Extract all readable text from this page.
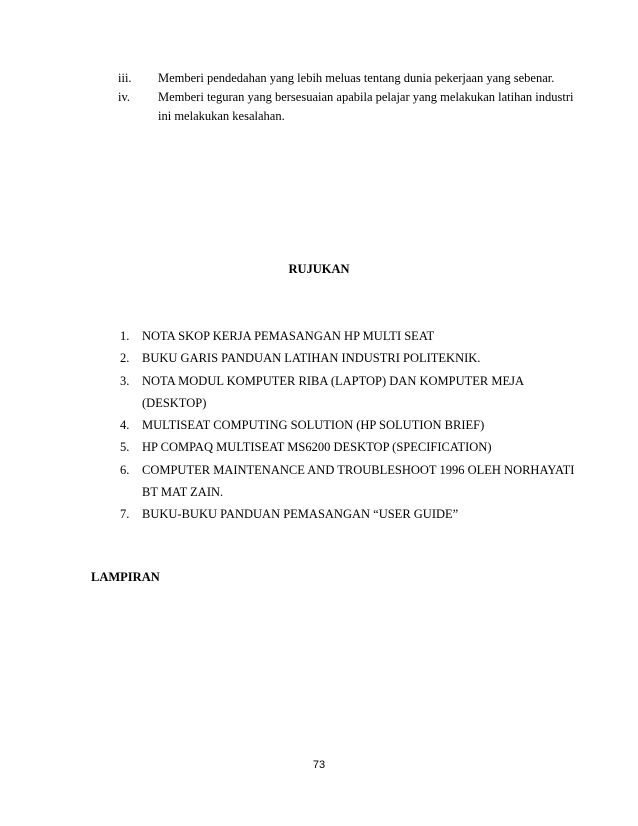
iii.	Memberi pendedahan yang lebih meluas tentang dunia pekerjaan yang sebenar.
iv.	Memberi teguran yang bersesuaian apabila pelajar yang melakukan latihan industri ini melakukan kesalahan.
RUJUKAN
1.	NOTA SKOP KERJA PEMASANGAN HP MULTI SEAT
2.	BUKU GARIS PANDUAN LATIHAN INDUSTRI POLITEKNIK.
3.	NOTA MODUL KOMPUTER RIBA (LAPTOP) DAN KOMPUTER MEJA (DESKTOP)
4.	MULTISEAT COMPUTING SOLUTION (HP SOLUTION BRIEF)
5.	HP COMPAQ MULTISEAT MS6200 DESKTOP (SPECIFICATION)
6.	COMPUTER MAINTENANCE AND TROUBLESHOOT 1996 OLEH NORHAYATI BT MAT ZAIN.
7.	BUKU-BUKU PANDUAN PEMASANGAN “USER GUIDE”
LAMPIRAN
73
